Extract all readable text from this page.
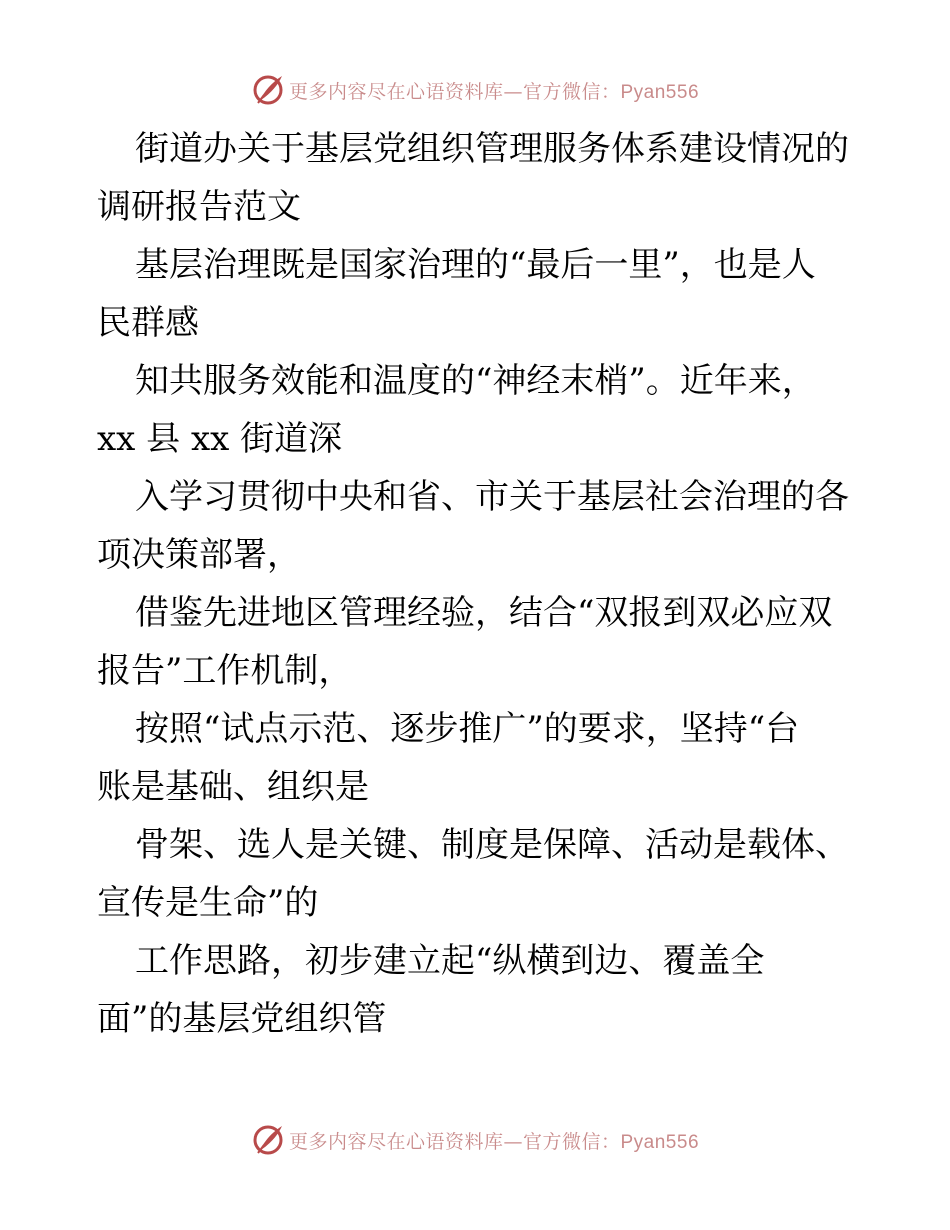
更多内容尽在心语资料库—官方微信：Pyan556

街道办关于基层党组织管理服务体系建设情况的
调研报告范文

基层治理既是国家治理的“最后一里”，也是人
民群感

知共服务效能和温度的“神经末梢”。近年来，
xx 县 xx 街道深

入学习贯彻中央和省、市关于基层社会治理的各
项决策部署，

借鉴先进地区管理经验，结合“双报到双必应双
报告”工作机制，

按照“试点示范、逐步推广”的要求，坚持“台
账是基础、组织是

骨架、选人是关键、制度是保障、活动是载体、
宣传是生命”的

工作思路，初步建立起“纵横到边、覆盖全
面”的基层党组织管

更多内容尽在心语资料库—官方微信：Pyan556
